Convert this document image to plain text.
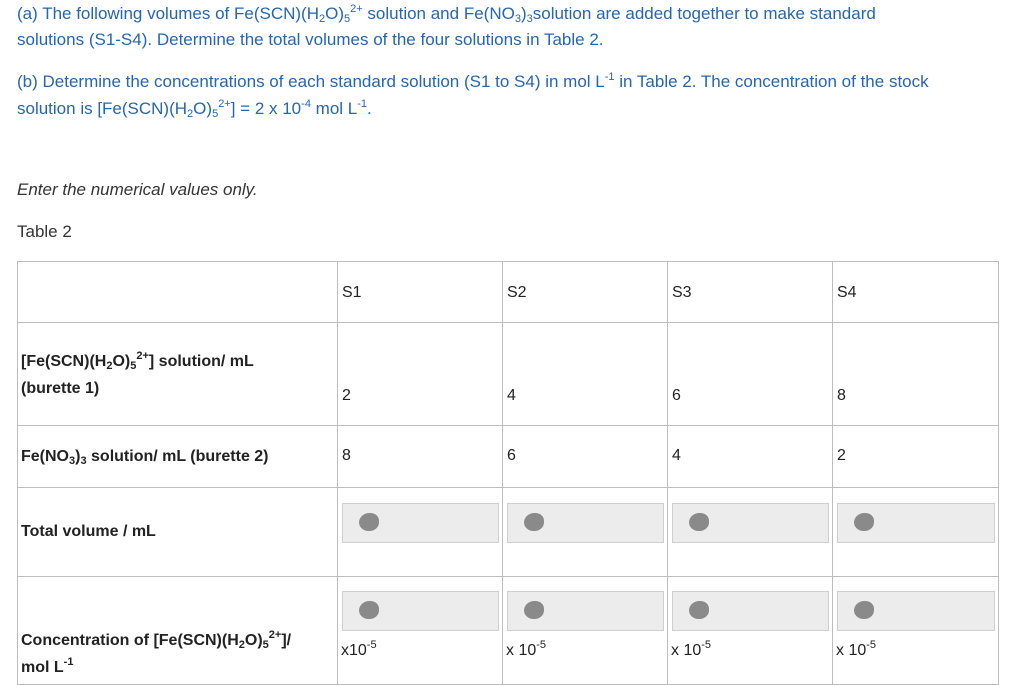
(a) The following volumes of $Fe(SCN)(H_2O)_5^{2+}$ solution and $Fe(NO_3)_3solution$ are added together to make standard
solutions (S1-S4). Determine the total volumes of the four solutions in Table 2.
(b) Determine the concentrations of each standard solution (S1 to S4) in mol $L^{-1}$ in Table 2. The concentration of the stock
solution is $[Fe(SCN)(H_2O)_5^{2+}] = 2$ x $10^{-4}$ mol $L^{-1}$.
Enter the numerical values only.
Table 2

	S1	S2	S3	S4

$[Fe(SCN)(H_2O)_5^{2+}]$ solution/ mL
(burette 1)	2	4	6	8

$Fe(NO_3)_3$ solution/ mL (burette 2)	8	6	4	2

Total volume / mL				

Concentration of $[Fe(SCN)(H_2O)_5^{2+}]/$
mol $L^{-1}$	$x10^{-5}$	x $10^{-5}$	x $10^{-5}$	x $10^{-5}$
